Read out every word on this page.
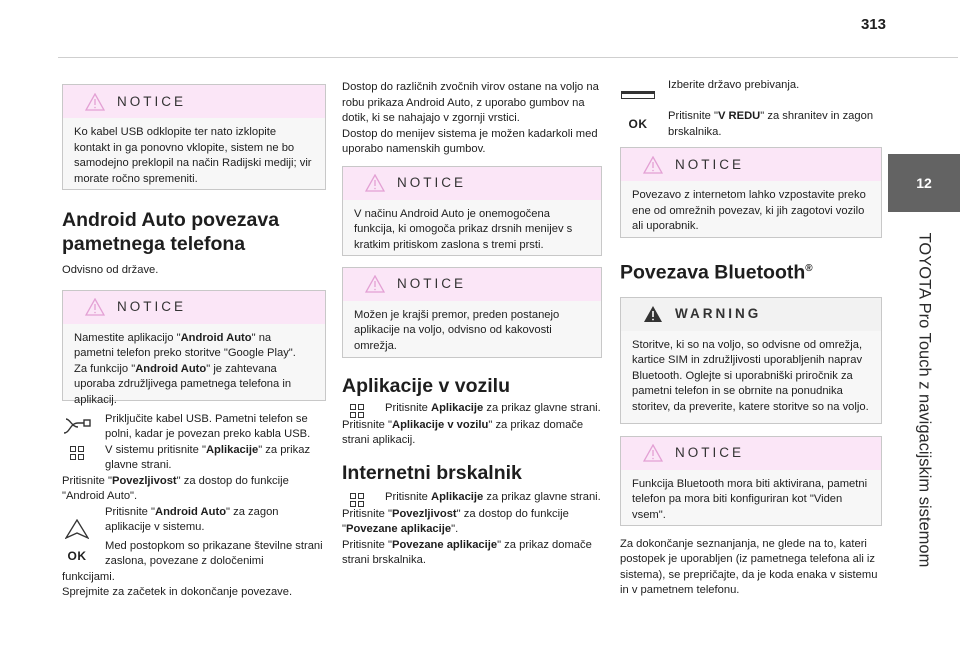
313
12
TOYOTA Pro Touch z navigacijskim sistemom
NOTICE
Ko kabel USB odklopite ter nato izklopite kontakt in ga ponovno vklopite, sistem ne bo samodejno preklopil na način Radijski mediji; vir morate ročno spremeniti.
Android Auto povezava pametnega telefona

Odvisno od države.

NOTICE
Namestite aplikacijo "Android Auto" na pametni telefon preko storitve "Google Play".
Za funkcijo "Android Auto" je zahtevana uporaba združljivega pametnega telefona in aplikacij.
Priključite kabel USB. Pametni telefon se polni, kadar je povezan preko kabla USB.
V sistemu pritisnite "Aplikacije" za prikaz glavne strani.

Pritisnite "Povezljivost" za dostop do funkcije "Android Auto".

Pritisnite "Android Auto" za zagon aplikacije v sistemu.
OK
Med postopkom so prikazane številne strani zaslona, povezane z določenimi

funkcijami.

Sprejmite za začetek in dokončanje povezave.

Dostop do različnih zvočnih virov ostane na voljo na robu prikaza Android Auto, z uporabo gumbov na dotik, ki se nahajajo v zgornji vrstici.

Dostop do menijev sistema je možen kadarkoli med uporabo namenskih gumbov.

NOTICE
V načinu Android Auto je onemogočena funkcija, ki omogoča prikaz drsnih menijev s kratkim pritiskom zaslona s tremi prsti.
NOTICE
Možen je krajši premor, preden postanejo aplikacije na voljo, odvisno od kakovosti omrežja.
Aplikacije v vozilu
Pritisnite Aplikacije za prikaz glavne strani.

Pritisnite "Aplikacije v vozilu" za prikaz domače strani aplikacij.

Internetni brskalnik
Pritisnite Aplikacije za prikaz glavne strani.

Pritisnite "Povezljivost" za dostop do funkcije "Povezane aplikacije".

Pritisnite "Povezane aplikacije" za prikaz domače strani brskalnika.

Izberite državo prebivanja.
OK
Pritisnite "V REDU" za shranitev in zagon brskalnika.
NOTICE
Povezavo z internetom lahko vzpostavite preko ene od omrežnih povezav, ki jih zagotovi vozilo ali uporabnik.
Povezava Bluetooth®
WARNING
Storitve, ki so na voljo, so odvisne od omrežja, kartice SIM in združljivosti uporabljenih naprav Bluetooth. Oglejte si uporabniški priročnik za pametni telefon in se obrnite na ponudnika storitev, da preverite, katere storitve so na voljo.
NOTICE
Funkcija Bluetooth mora biti aktivirana, pametni telefon pa mora biti konfiguriran kot "Viden vsem".

Za dokončanje seznanjanja, ne glede na to, kateri postopek je uporabljen (iz pametnega telefona ali iz sistema), se prepričajte, da je koda enaka v sistemu in v pametnem telefonu.
